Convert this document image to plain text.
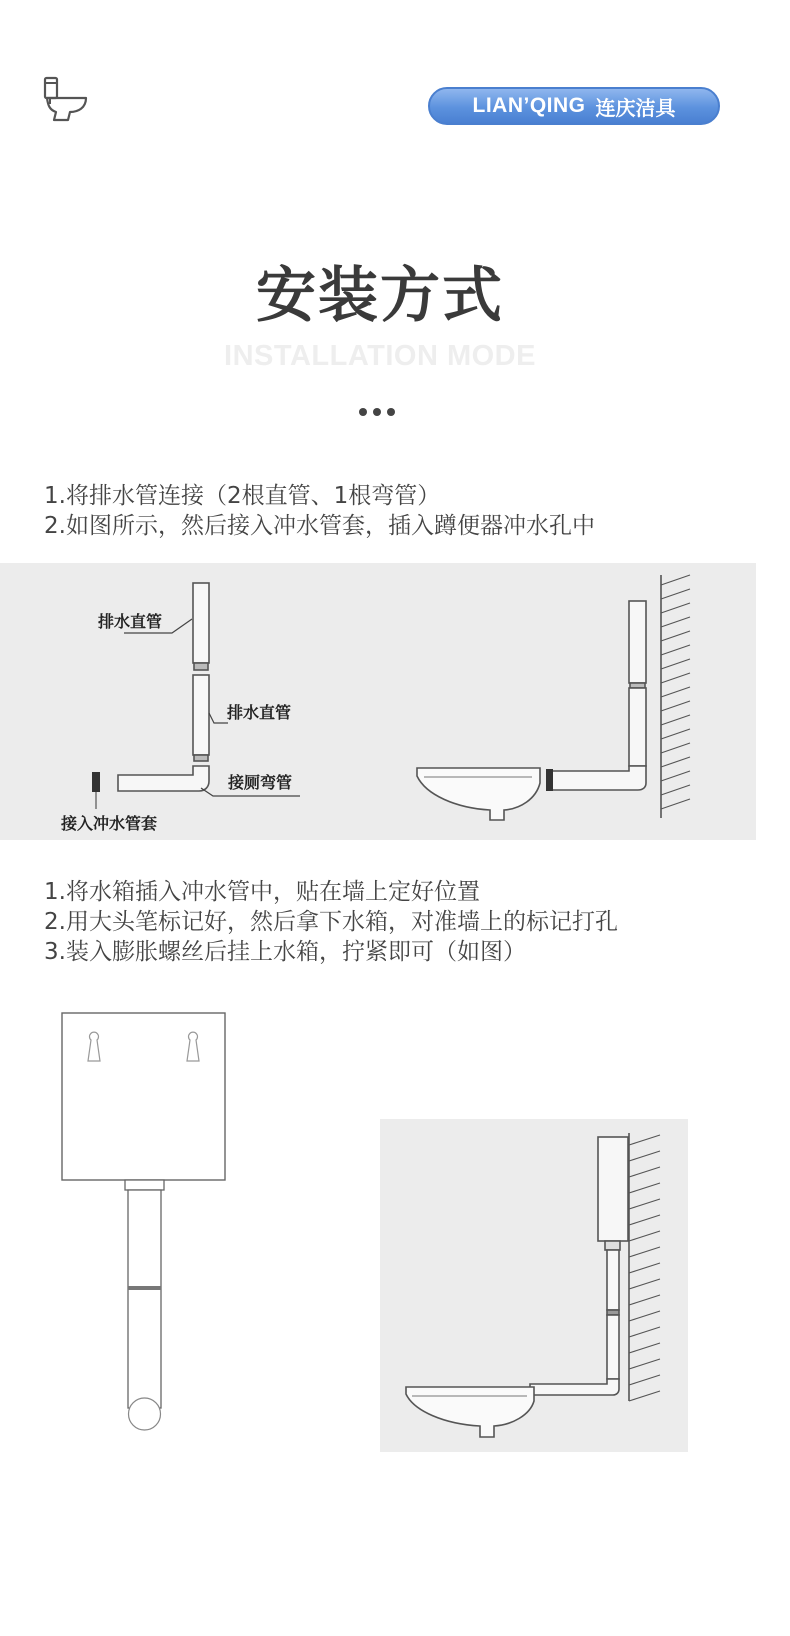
LIAN’QING 连庆洁具
安装方式
INSTALLATION MODE

1.将排水管连接（2根直管、1根弯管）

2.如图所示，然后接入冲水管套，插入蹲便器冲水孔中

排水直管
排水直管
接厕弯管
接入冲水管套

1.将水箱插入冲水管中，贴在墙上定好位置

2.用大头笔标记好，然后拿下水箱，对准墙上的标记打孔

3.装入膨胀螺丝后挂上水箱，拧紧即可（如图）
